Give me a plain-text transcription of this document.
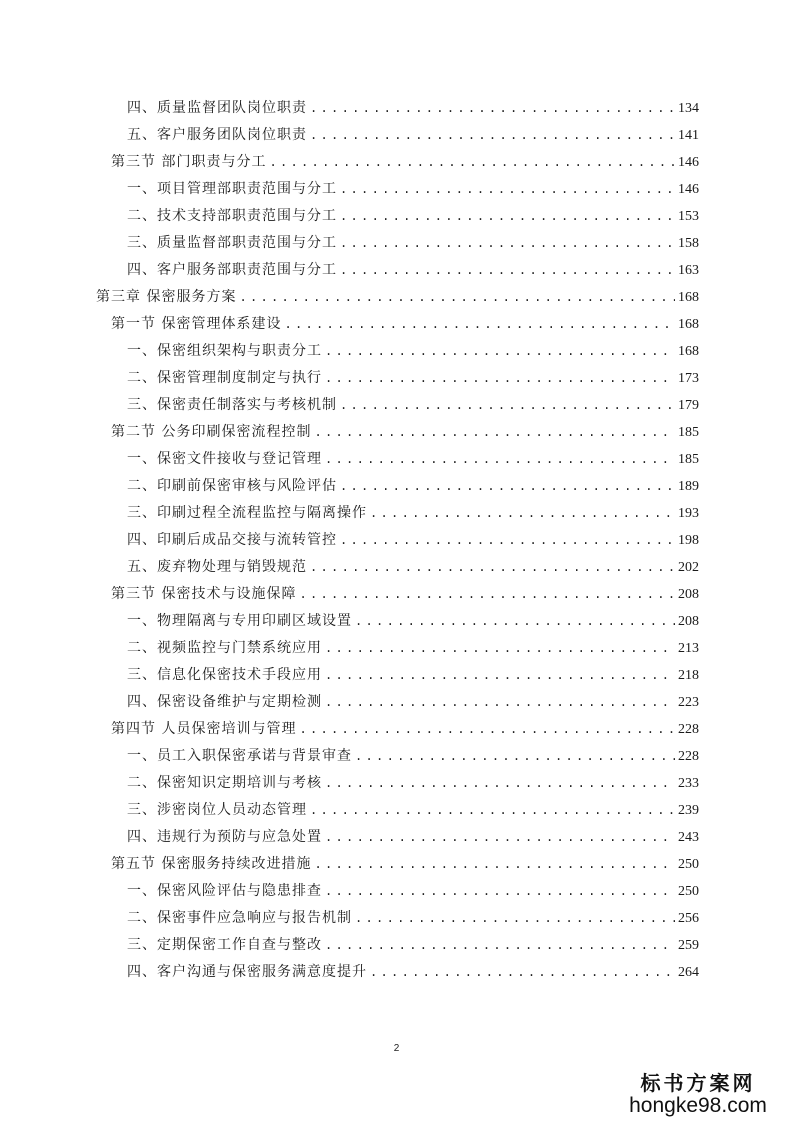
四、质量监督团队岗位职责 .....	134
五、客户服务团队岗位职责 .....	141
第三节 部门职责与分工 .....	146
一、项目管理部职责范围与分工 .....	146
二、技术支持部职责范围与分工 .....	153
三、质量监督部职责范围与分工 .....	158
四、客户服务部职责范围与分工 .....	163
第三章 保密服务方案 .....	168
第一节 保密管理体系建设 .....	168
一、保密组织架构与职责分工 .....	168
二、保密管理制度制定与执行 .....	173
三、保密责任制落实与考核机制 .....	179
第二节 公务印刷保密流程控制 .....	185
一、保密文件接收与登记管理 .....	185
二、印刷前保密审核与风险评估 .....	189
三、印刷过程全流程监控与隔离操作 .....	193
四、印刷后成品交接与流转管控 .....	198
五、废弃物处理与销毁规范 .....	202
第三节 保密技术与设施保障 .....	208
一、物理隔离与专用印刷区域设置 .....	208
二、视频监控与门禁系统应用 .....	213
三、信息化保密技术手段应用 .....	218
四、保密设备维护与定期检测 .....	223
第四节 人员保密培训与管理 .....	228
一、员工入职保密承诺与背景审查 .....	228
二、保密知识定期培训与考核 .....	233
三、涉密岗位人员动态管理 .....	239
四、违规行为预防与应急处置 .....	243
第五节 保密服务持续改进措施 .....	250
一、保密风险评估与隐患排查 .....	250
二、保密事件应急响应与报告机制 .....	256
三、定期保密工作自查与整改 .....	259
四、客户沟通与保密服务满意度提升 .....	264
2
标书方案网
hongke98.com
